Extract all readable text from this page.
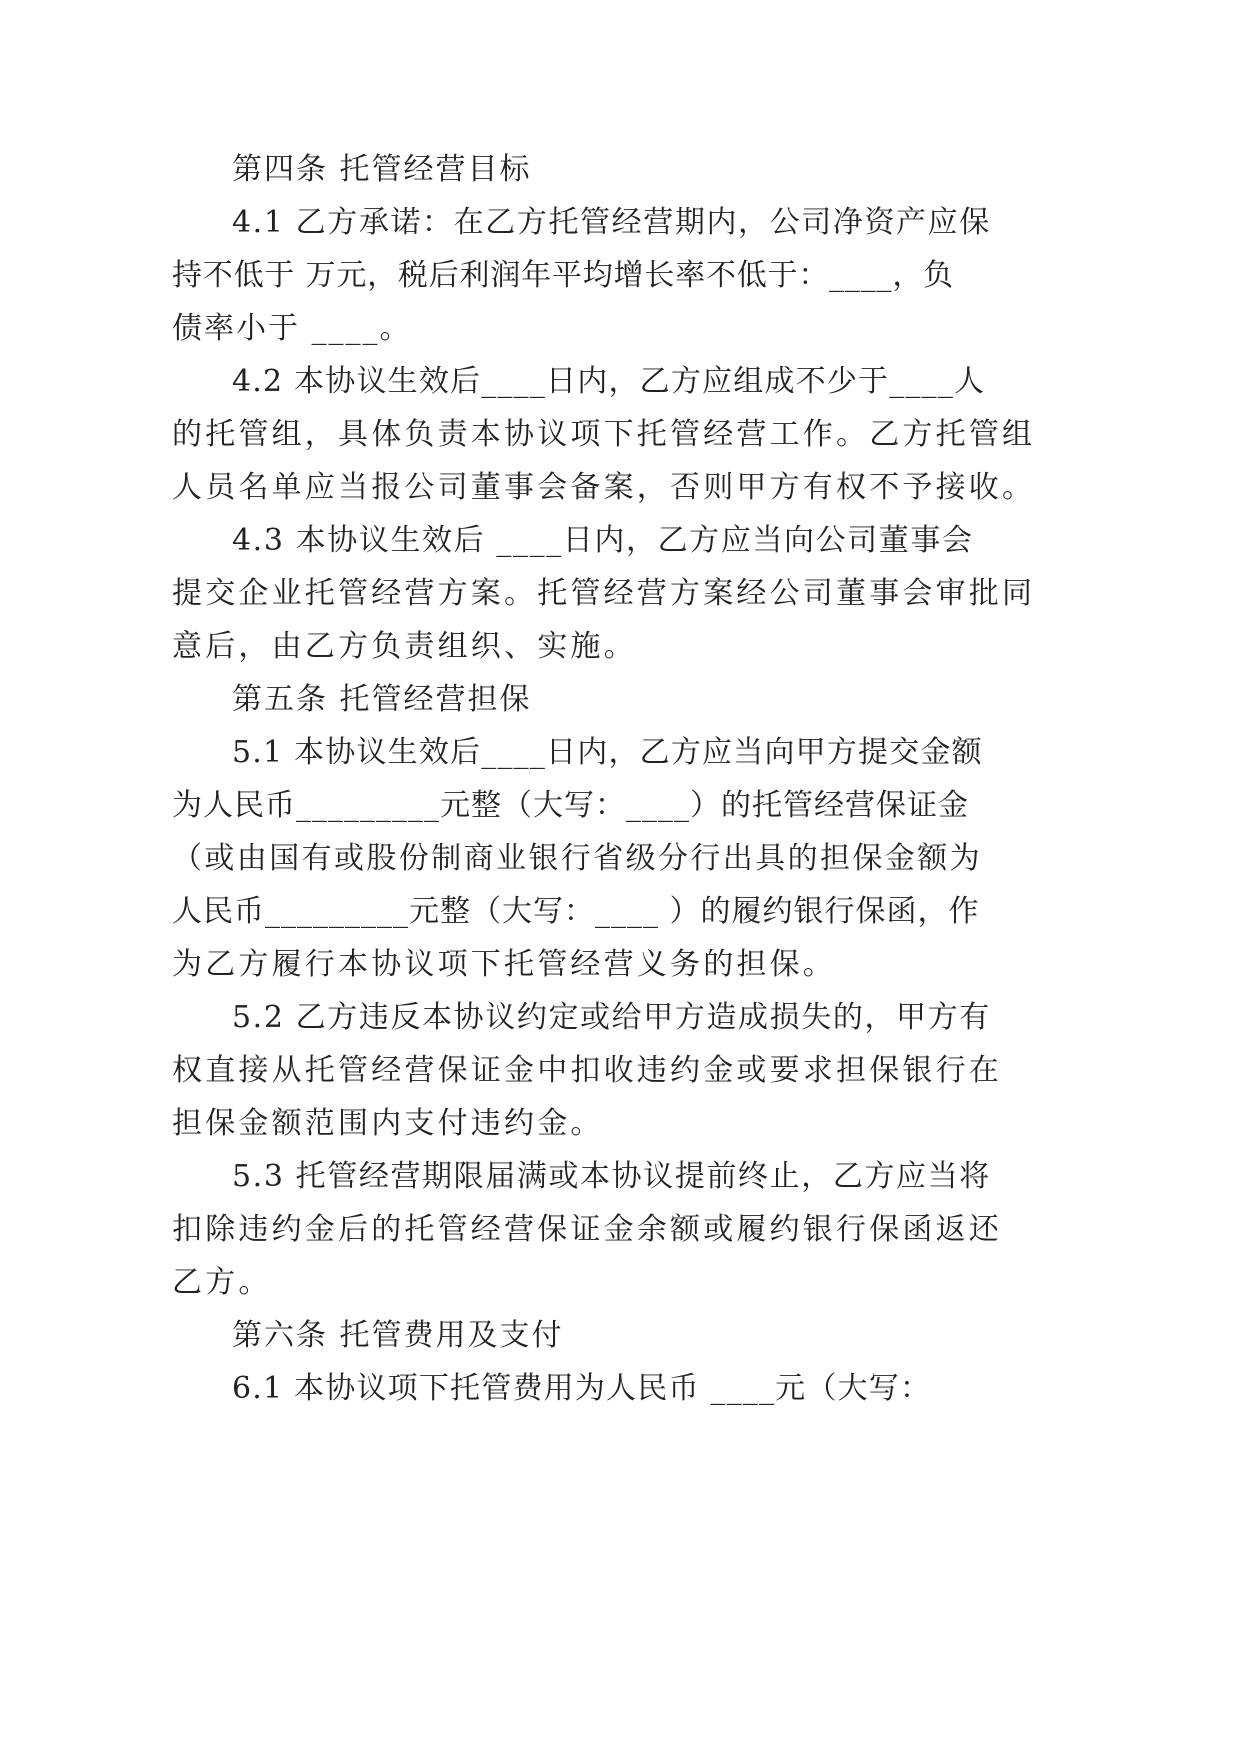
第四条 托管经营目标

4.1 乙方承诺：在乙方托管经营期内，公司净资产应保

持不低于 万元，税后利润年平均增长率不低于：____，负

债率小于 ____。

4.2 本协议生效后____日内，乙方应组成不少于____人

的托管组，具体负责本协议项下托管经营工作。乙方托管组

人员名单应当报公司董事会备案，否则甲方有权不予接收。

4.3 本协议生效后 ____日内，乙方应当向公司董事会

提交企业托管经营方案。托管经营方案经公司董事会审批同

意后，由乙方负责组织、实施。

第五条 托管经营担保

5.1 本协议生效后____日内，乙方应当向甲方提交金额

为人民币_________元整（大写：____）的托管经营保证金

（或由国有或股份制商业银行省级分行出具的担保金额为

人民币_________元整（大写：____ ）的履约银行保函，作

为乙方履行本协议项下托管经营义务的担保。

5.2 乙方违反本协议约定或给甲方造成损失的，甲方有

权直接从托管经营保证金中扣收违约金或要求担保银行在

担保金额范围内支付违约金。

5.3 托管经营期限届满或本协议提前终止，乙方应当将

扣除违约金后的托管经营保证金余额或履约银行保函返还

乙方。

第六条 托管费用及支付

6.1 本协议项下托管费用为人民币 ____元（大写：
